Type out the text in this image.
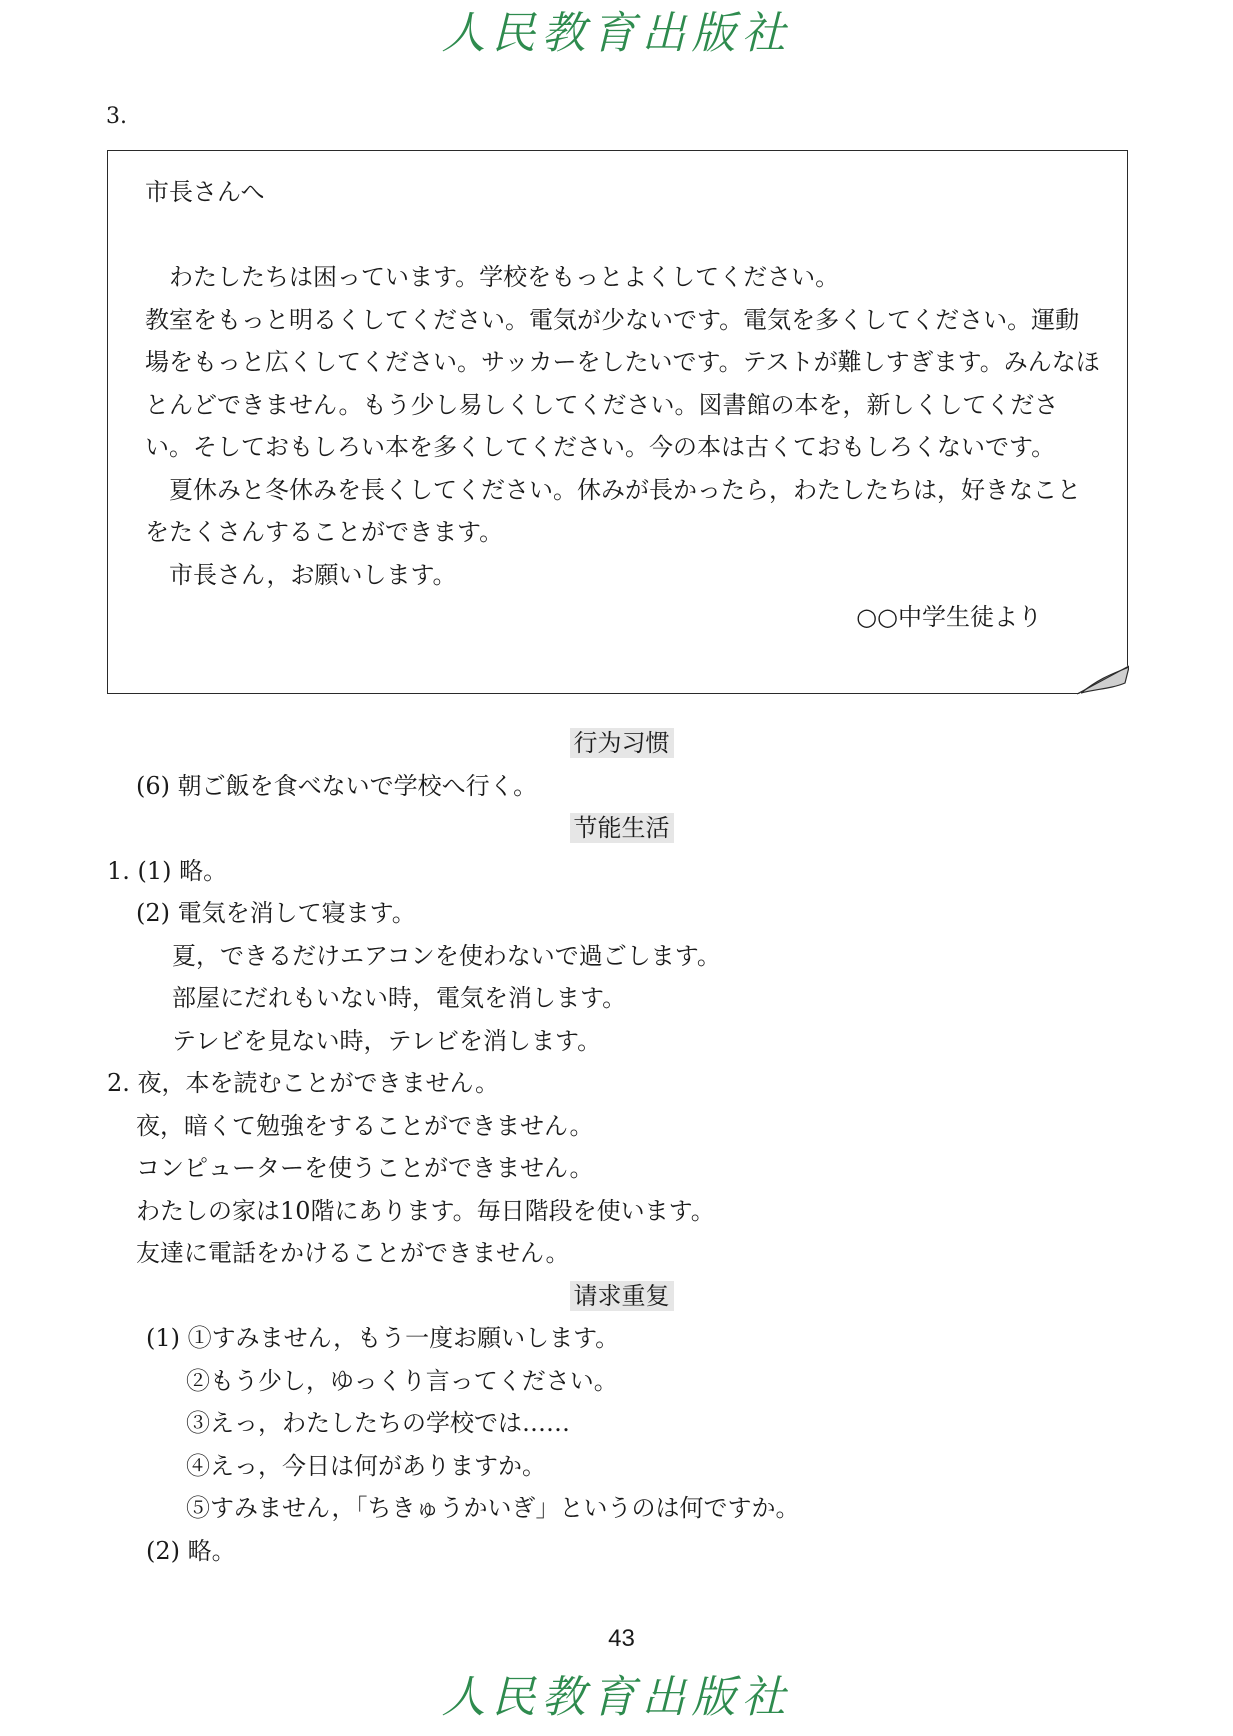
人民教育出版社
3.

市長さんへ

わたしたちは困っています。学校をもっとよくしてください。

教室をもっと明るくしてください。電気が少ないです。電気を多くしてください。運動場をもっと広くしてください。サッカーをしたいです。テストが難しすぎます。みんなほとんどできません。もう少し易しくしてください。図書館の本を，新しくしてください。そしておもしろい本を多くしてください。今の本は古くておもしろくないです。

夏休みと冬休みを長くしてください。休みが長かったら，わたしたちは，好きなことをたくさんすることができます。

市長さん，お願いします。

○○中学生徒より

行为习惯
(6) 朝ご飯を食べないで学校へ行く。
节能生活
1. (1) 略。
(2) 電気を消して寝ます。
夏，できるだけエアコンを使わないで過ごします。
部屋にだれもいない時，電気を消します。
テレビを見ない時，テレビを消します。
2. 夜，本を読むことができません。
夜，暗くて勉強をすることができません。
コンピューターを使うことができません。
わたしの家は10階にあります。毎日階段を使います。
友達に電話をかけることができません。
请求重复
(1) ①すみません，もう一度お願いします。
②もう少し，ゆっくり言ってください。
③えっ，わたしたちの学校では……
④えっ，今日は何がありますか。
⑤すみません，「ちきゅうかいぎ」というのは何ですか。
(2) 略。
43
人民教育出版社
